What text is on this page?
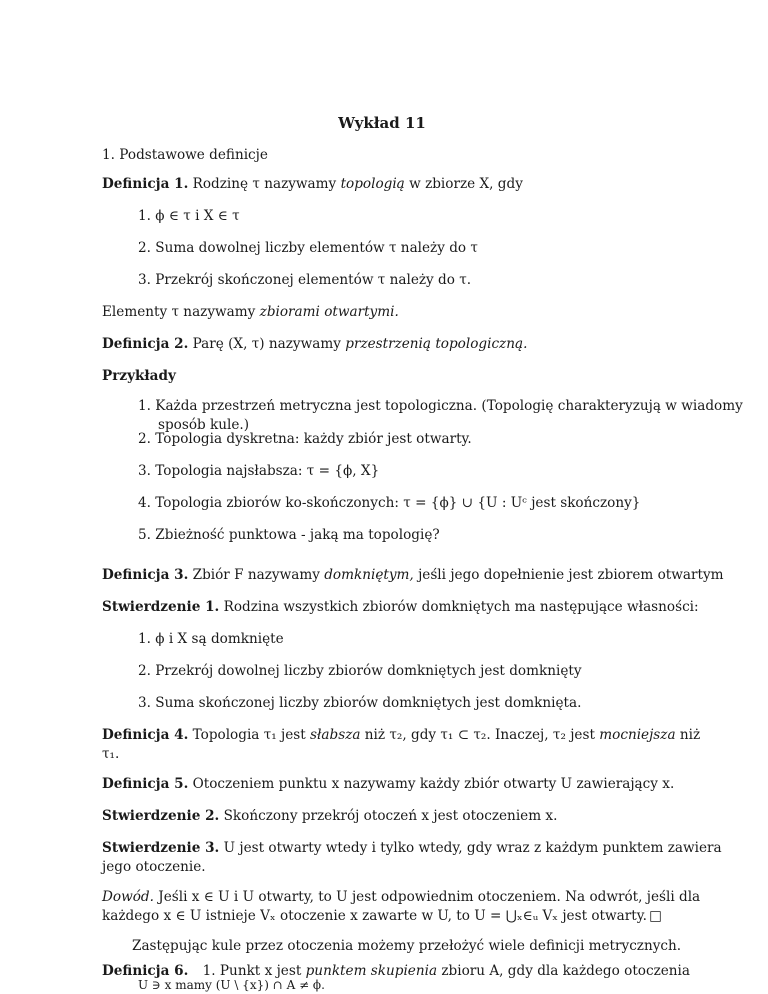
Wykład 11
1. Podstawowe definicje
Definicja 1. Rodzinę τ nazywamy topologią w zbiorze X, gdy
1. ϕ ∈ τ i X ∈ τ
2. Suma dowolnej liczby elementów τ należy do τ
3. Przekrój skończonej elementów τ należy do τ.
Elementy τ nazywamy zbiorami otwartymi.
Definicja 2. Parę (X, τ) nazywamy przestrzenią topologiczną.
Przykłady
1. Każda przestrzeń metryczna jest topologiczna. (Topologię charakteryzują w wiadomy
sposób kule.)
2. Topologia dyskretna: każdy zbiór jest otwarty.
3. Topologia najsłabsza: τ = {ϕ, X}
4. Topologia zbiorów ko-skończonych: τ = {ϕ} ∪ {U : Uᶜ jest skończony}
5. Zbieżność punktowa - jaką ma topologię?
Definicja 3. Zbiór F nazywamy domkniętym, jeśli jego dopełnienie jest zbiorem otwartym
Stwierdzenie 1. Rodzina wszystkich zbiorów domkniętych ma następujące własności:
1. ϕ i X są domknięte
2. Przekrój dowolnej liczby zbiorów domkniętych jest domknięty
3. Suma skończonej liczby zbiorów domkniętych jest domknięta.
Definicja 4. Topologia τ₁ jest słabsza niż τ₂, gdy τ₁ ⊂ τ₂. Inaczej, τ₂ jest mocniejsza niż
τ₁.
Definicja 5. Otoczeniem punktu x nazywamy każdy zbiór otwarty U zawierający x.
Stwierdzenie 2. Skończony przekrój otoczeń x jest otoczeniem x.
Stwierdzenie 3. U jest otwarty wtedy i tylko wtedy, gdy wraz z każdym punktem zawiera
jego otoczenie.
Dowód. Jeśli x ∈ U i U otwarty, to U jest odpowiednim otoczeniem. Na odwrót, jeśli dla
każdego x ∈ U istnieje Vₓ otoczenie x zawarte w U, to U = ⋃ₓ∈ᵤ Vₓ jest otwarty. □
Zastępując kule przez otoczenia możemy przełożyć wiele definicji metrycznych.
Definicja 6. 1. Punkt x jest punktem skupienia zbioru A, gdy dla każdego otoczenia
U ∋ x mamy (U \ {x}) ∩ A ≠ ϕ.
